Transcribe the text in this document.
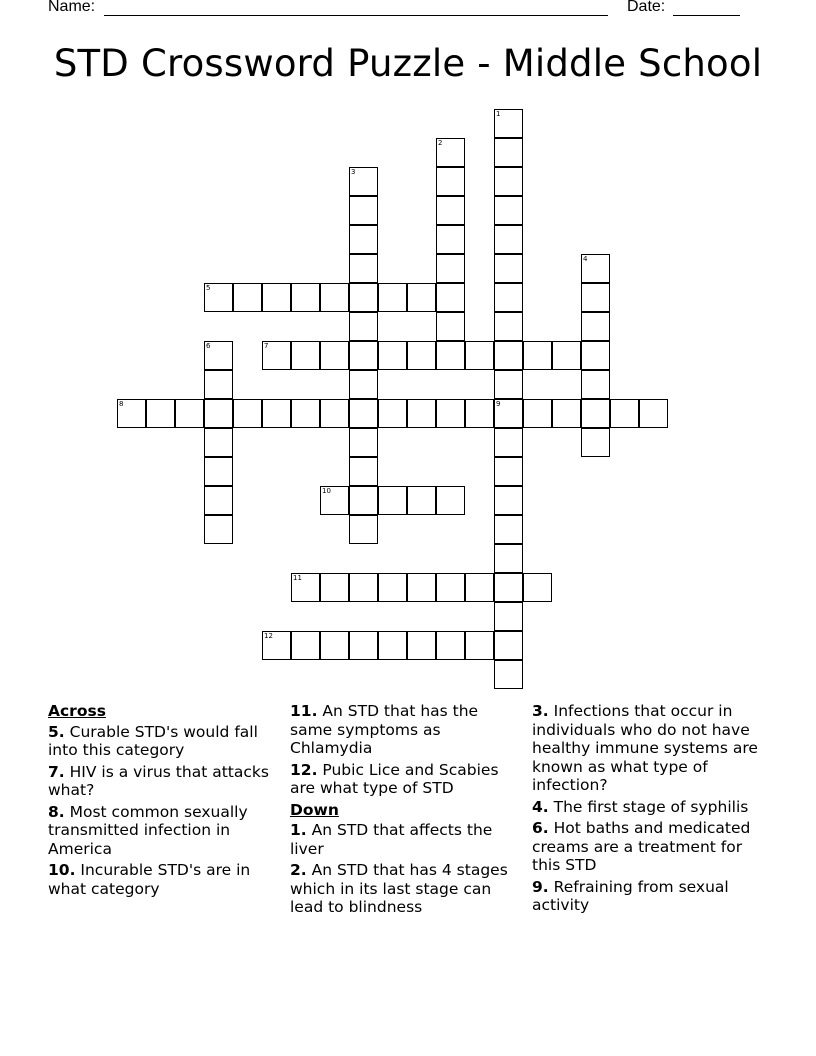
Name:	Date:
STD Crossword Puzzle - Middle School
1
2
3
4
5
6	7
8	9
10
11
12
Across
5. Curable STD's would fall into this category
7. HIV is a virus that attacks what?
8. Most common sexually transmitted infection in America
10. Incurable STD's are in what category
11. An STD that has the same symptoms as Chlamydia
12. Pubic Lice and Scabies are what type of STD
Down
1. An STD that affects the liver
2. An STD that has 4 stages which in its last stage can lead to blindness
3. Infections that occur in individuals who do not have healthy immune systems are known as what type of infection?
4. The first stage of syphilis
6. Hot baths and medicated creams are a treatment for this STD
9. Refraining from sexual activity
